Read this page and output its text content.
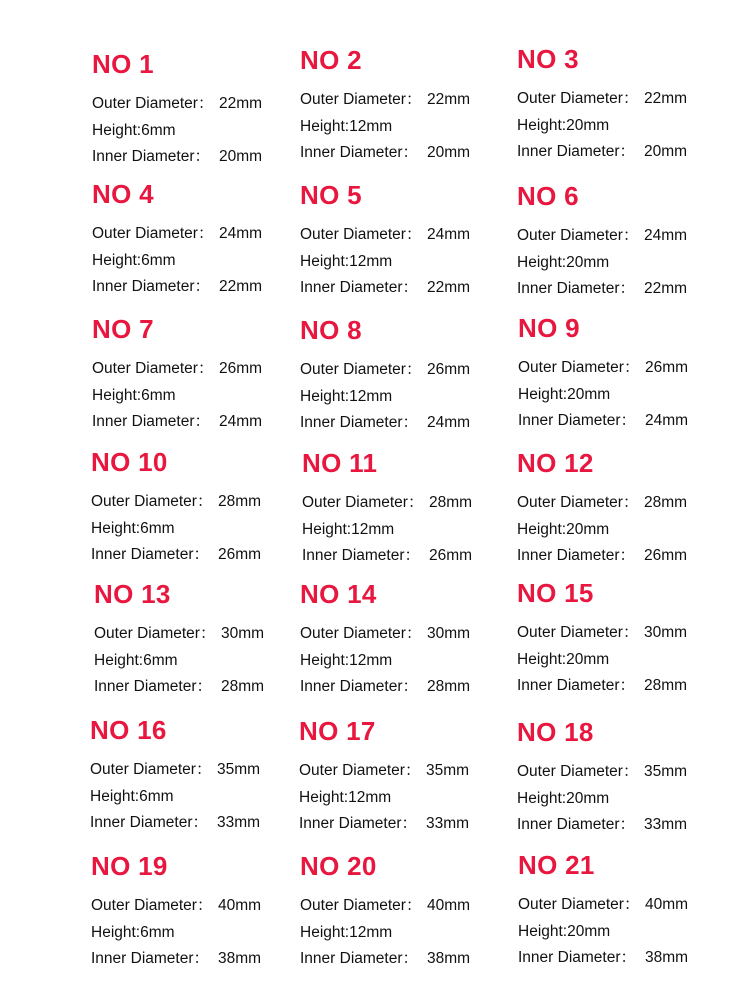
NO 1
Outer Diameter： 22mm
Height:6mm
Inner Diameter： 20mm
NO 2
Outer Diameter： 22mm
Height:12mm
Inner Diameter： 20mm
NO 3
Outer Diameter： 22mm
Height:20mm
Inner Diameter： 20mm
NO 4
Outer Diameter： 24mm
Height:6mm
Inner Diameter： 22mm
NO 5
Outer Diameter： 24mm
Height:12mm
Inner Diameter： 22mm
NO 6
Outer Diameter： 24mm
Height:20mm
Inner Diameter： 22mm
NO 7
Outer Diameter： 26mm
Height:6mm
Inner Diameter： 24mm
NO 8
Outer Diameter： 26mm
Height:12mm
Inner Diameter： 24mm
NO 9
Outer Diameter： 26mm
Height:20mm
Inner Diameter： 24mm
NO 10
Outer Diameter： 28mm
Height:6mm
Inner Diameter： 26mm
NO 11
Outer Diameter： 28mm
Height:12mm
Inner Diameter： 26mm
NO 12
Outer Diameter： 28mm
Height:20mm
Inner Diameter： 26mm
NO 13
Outer Diameter： 30mm
Height:6mm
Inner Diameter： 28mm
NO 14
Outer Diameter： 30mm
Height:12mm
Inner Diameter： 28mm
NO 15
Outer Diameter： 30mm
Height:20mm
Inner Diameter： 28mm
NO 16
Outer Diameter： 35mm
Height:6mm
Inner Diameter： 33mm
NO 17
Outer Diameter： 35mm
Height:12mm
Inner Diameter： 33mm
NO 18
Outer Diameter： 35mm
Height:20mm
Inner Diameter： 33mm
NO 19
Outer Diameter： 40mm
Height:6mm
Inner Diameter： 38mm
NO 20
Outer Diameter： 40mm
Height:12mm
Inner Diameter： 38mm
NO 21
Outer Diameter： 40mm
Height:20mm
Inner Diameter： 38mm
